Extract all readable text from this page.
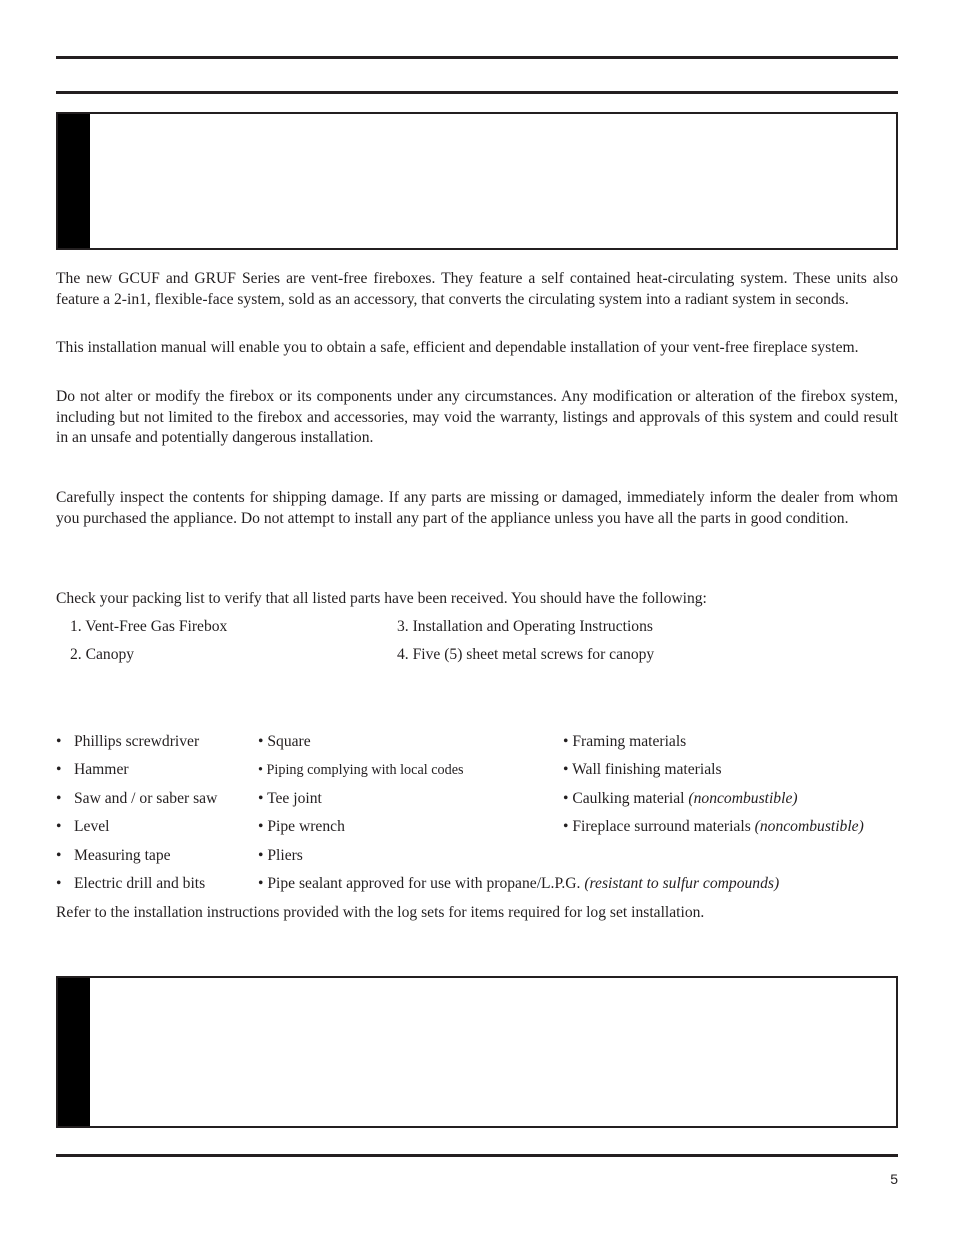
The new GCUF and GRUF Series are vent-free fireboxes. They feature a self contained heat-circulating system. These units also feature a 2-in1, flexible-face system, sold as an accessory, that converts the circulating system into a radiant system in seconds.

This installation manual will enable you to obtain a safe, efficient and dependable installation of your vent-free fireplace system.

Do not alter or modify the firebox or its components under any circumstances. Any modification or alteration of the firebox system, including but not limited to the firebox and accessories, may void the warranty, listings and approvals of this system and could result in an unsafe and potentially dangerous installation.

Carefully inspect the contents for shipping damage. If any parts are missing or damaged, immediately inform the dealer from whom you purchased the appliance. Do not attempt to install any part of the appliance unless you have all the parts in good condition.

Check your packing list to verify that all listed parts have been received. You should have the following:

1. Vent-Free Gas Firebox

2. Canopy

3. Installation and Operating Instructions

4. Five (5) sheet metal screws for canopy

• Phillips screwdriver

• Hammer

• Saw and / or saber saw

• Level

• Measuring tape

• Electric drill and bits

• Square

• Piping complying with local codes

• Tee joint

• Pipe wrench

• Pliers

• Pipe sealant approved for use with propane/L.P.G. (resistant to sulfur compounds)

• Framing materials

• Wall finishing materials

• Caulking material (noncombustible)

• Fireplace surround materials (noncombustible)

Refer to the installation instructions provided with the log sets for items required for log set installation.

5
